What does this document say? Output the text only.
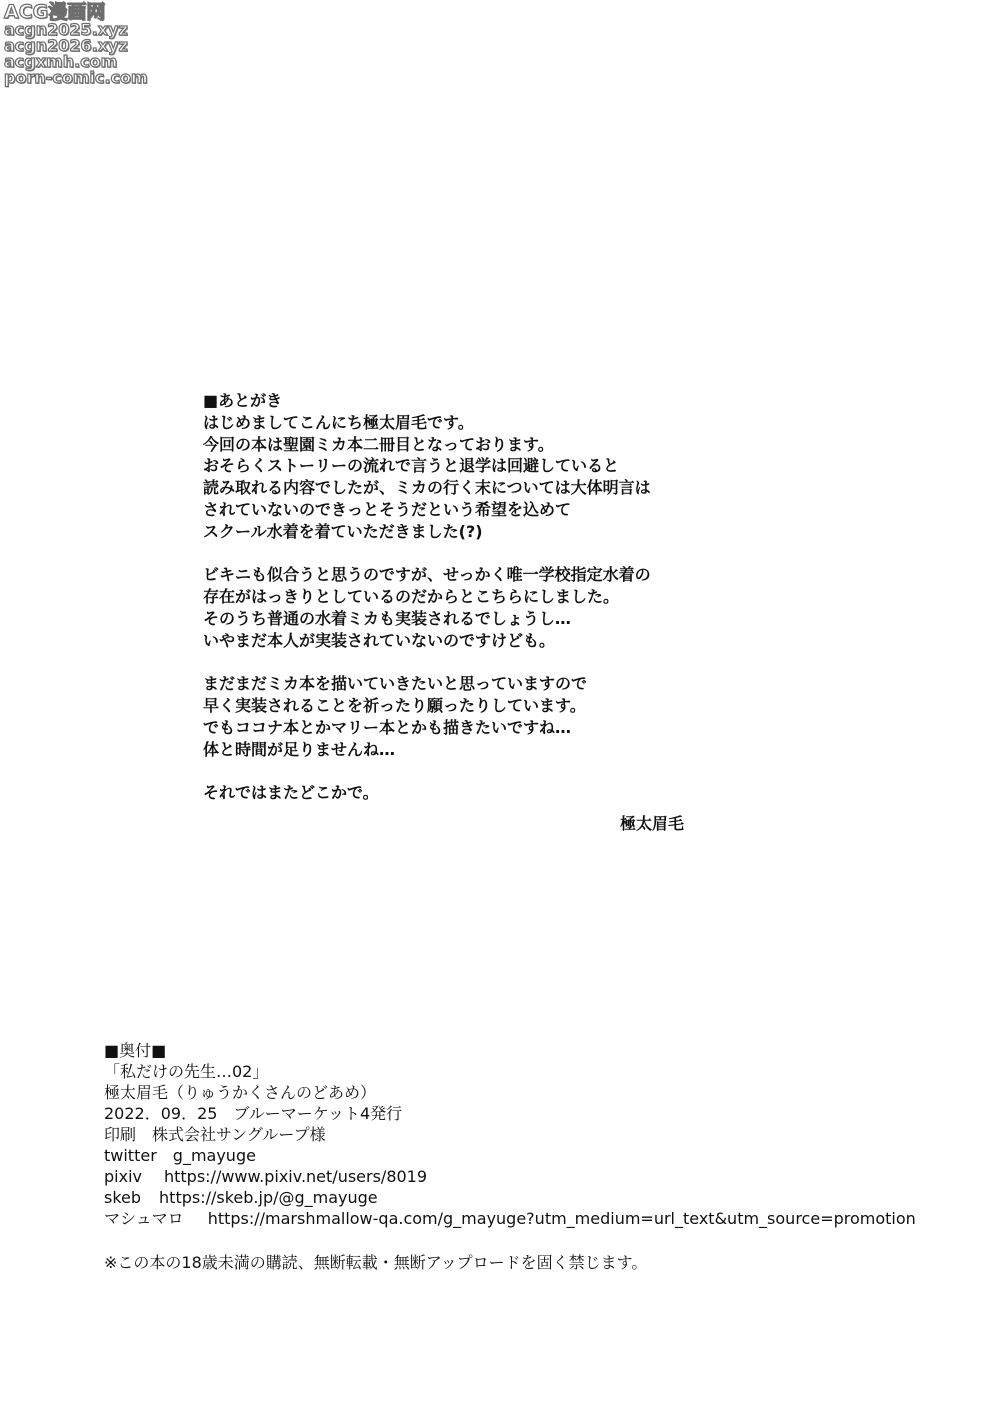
ACG漫画网
acgn2025.xyz
acgn2026.xyz
acgxmh.com
porn-comic.com
■あとがき
はじめましてこんにち極太眉毛です。
今回の本は聖園ミカ本二冊目となっております。
おそらくストーリーの流れで言うと退学は回避していると
読み取れる内容でしたが、ミカの行く末については大体明言は
されていないのできっとそうだという希望を込めて
スクール水着を着ていただきました(?)
ビキニも似合うと思うのですが、せっかく唯一学校指定水着の
存在がはっきりとしているのだからとこちらにしました。
そのうち普通の水着ミカも実装されるでしょうし…
いやまだ本人が実装されていないのですけども。
まだまだミカ本を描いていきたいと思っていますので
早く実装されることを祈ったり願ったりしています。
でもココナ本とかマリー本とかも描きたいですね…
体と時間が足りませんね…
それではまたどこかで。
極太眉毛
■奥付■
「私だけの先生…02」
極太眉毛（りゅうかくさんのどあめ）
2022．09．25　ブルーマーケット4発行
印刷　株式会社サングループ様
twitter g_mayuge
pixiv https://www.pixiv.net/users/8019
skeb https://skeb.jp/@g_mayuge
マシュマロ https://marshmallow-qa.com/g_mayuge?utm_medium=url_text&utm_source=promotion
※この本の18歳未満の購読、無断転載・無断アップロードを固く禁じます。
